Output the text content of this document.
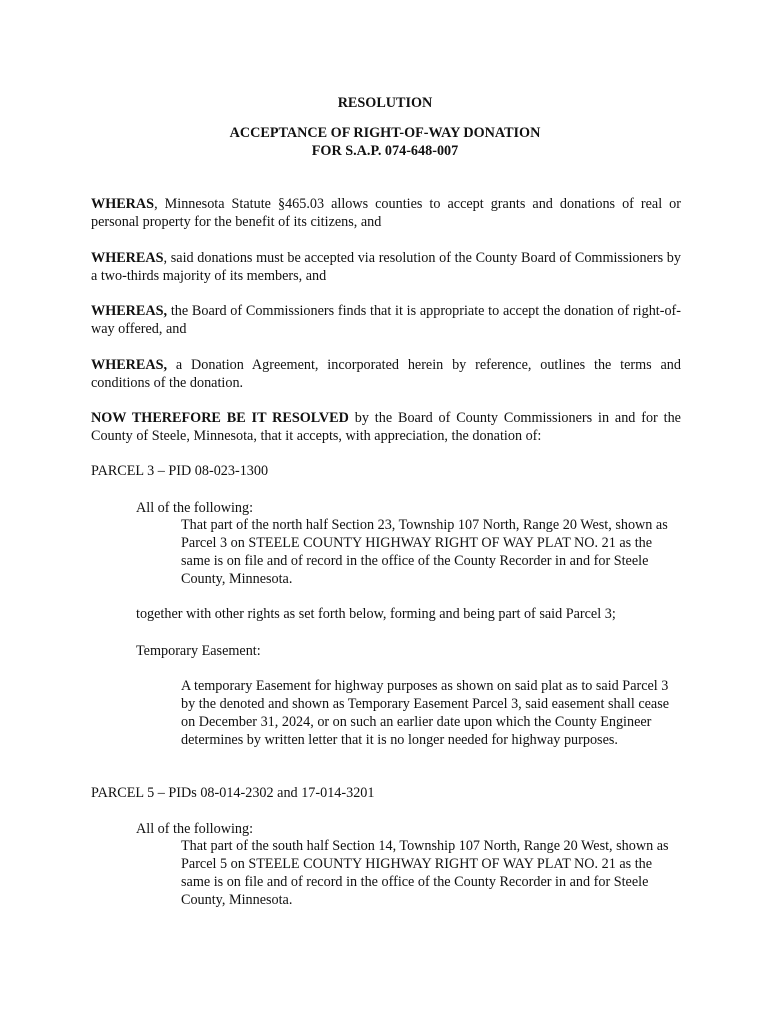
RESOLUTION
ACCEPTANCE OF RIGHT-OF-WAY DONATION
FOR S.A.P. 074-648-007

WHERAS, Minnesota Statute §465.03 allows counties to accept grants and donations of real or personal property for the benefit of its citizens, and

WHEREAS, said donations must be accepted via resolution of the County Board of Commissioners by a two-thirds majority of its members, and

WHEREAS, the Board of Commissioners finds that it is appropriate to accept the donation of right-of-way offered, and

WHEREAS, a Donation Agreement, incorporated herein by reference, outlines the terms and conditions of the donation.

NOW THEREFORE BE IT RESOLVED by the Board of County Commissioners in and for the County of Steele, Minnesota, that it accepts, with appreciation, the donation of:

PARCEL 3 – PID 08-023-1300
All of the following:

That part of the north half Section 23, Township 107 North, Range 20 West, shown as Parcel 3 on STEELE COUNTY HIGHWAY RIGHT OF WAY PLAT NO. 21 as the same is on file and of record in the office of the County Recorder in and for Steele County, Minnesota.

together with other rights as set forth below, forming and being part of said Parcel 3;
Temporary Easement:

A temporary Easement for highway purposes as shown on said plat as to said Parcel 3 by the denoted and shown as Temporary Easement Parcel 3, said easement shall cease on December 31, 2024, or on such an earlier date upon which the County Engineer determines by written letter that it is no longer needed for highway purposes.

PARCEL 5 – PIDs 08-014-2302 and 17-014-3201
All of the following:

That part of the south half Section 14, Township 107 North, Range 20 West, shown as Parcel 5 on STEELE COUNTY HIGHWAY RIGHT OF WAY PLAT NO. 21 as the same is on file and of record in the office of the County Recorder in and for Steele County, Minnesota.
